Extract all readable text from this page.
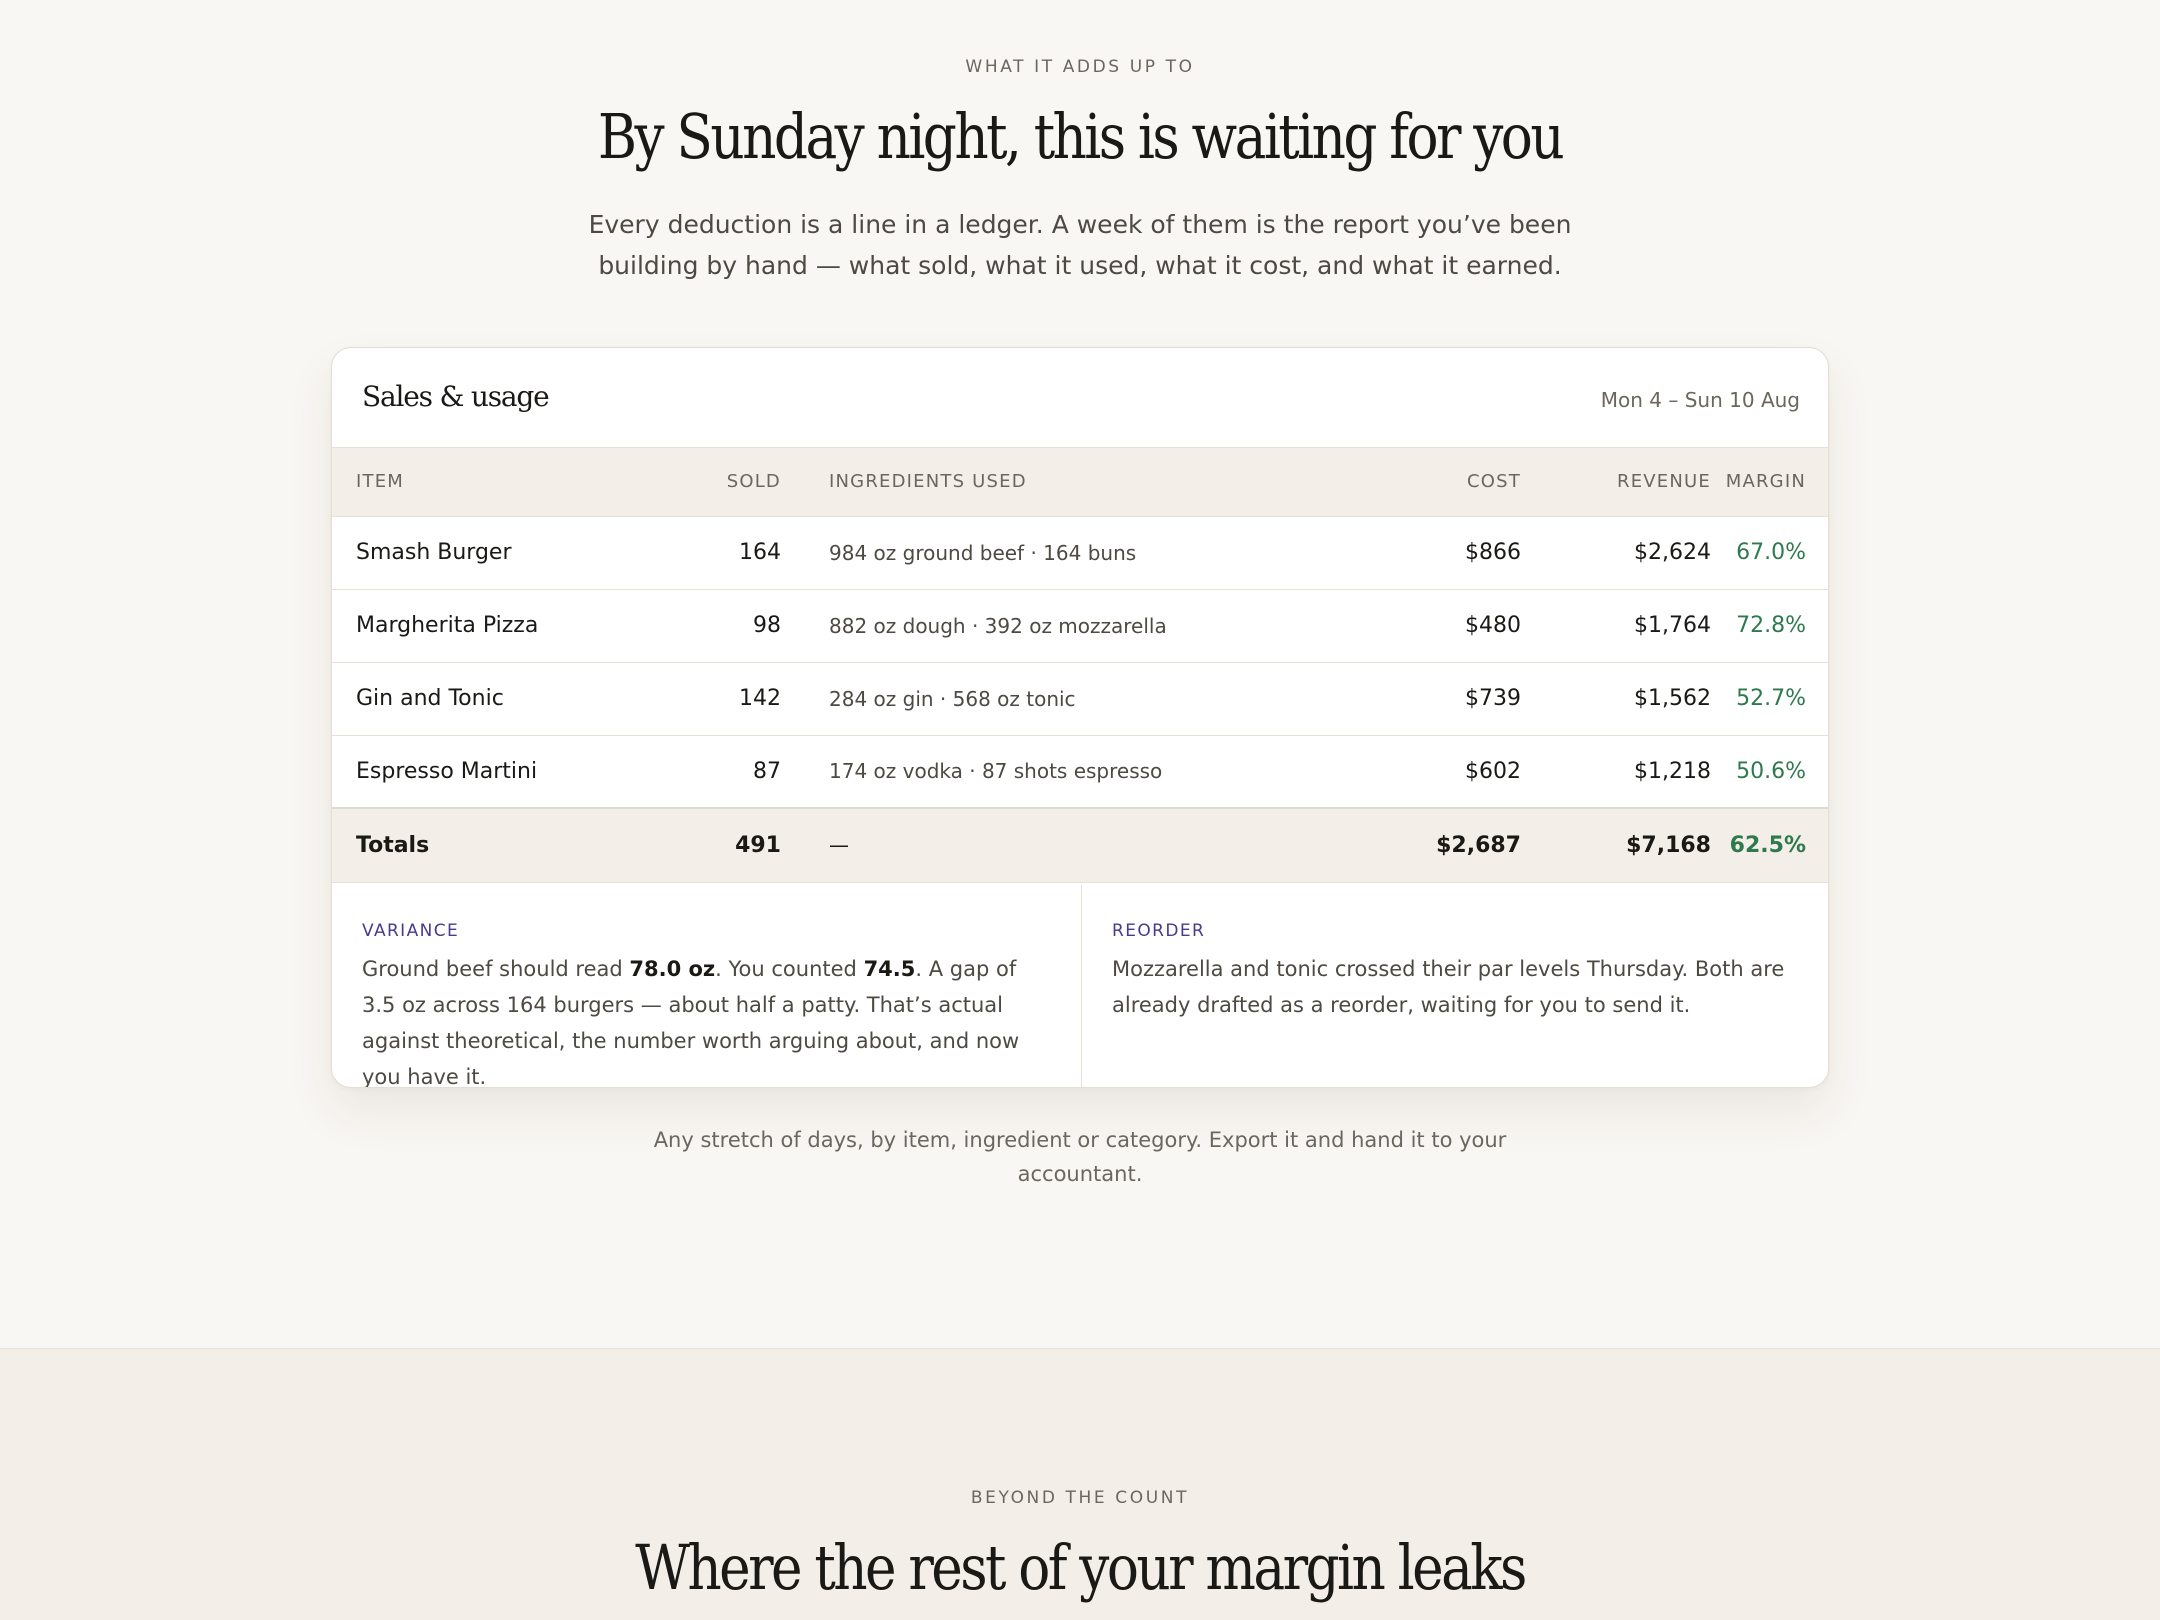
WHAT IT ADDS UP TO
By Sunday night, this is waiting for you
Every deduction is a line in a ledger. A week of them is the report you’ve been building by hand — what sold, what it used, what it cost, and what it earned.
Sales & usage	Mon 4 – Sun 10 Aug
ITEM	SOLD	INGREDIENTS USED	COST	REVENUE	MARGIN
Smash Burger	164	984 oz ground beef · 164 buns	$866	$2,624	67.0%
Margherita Pizza	98	882 oz dough · 392 oz mozzarella	$480	$1,764	72.8%
Gin and Tonic	142	284 oz gin · 568 oz tonic	$739	$1,562	52.7%
Espresso Martini	87	174 oz vodka · 87 shots espresso	$602	$1,218	50.6%
Totals	491	—	$2,687	$7,168	62.5%
VARIANCE
Ground beef should read 78.0 oz. You counted 74.5. A gap of 3.5 oz across 164 burgers — about half a patty. That’s actual against theoretical, the number worth arguing about, and now you have it.
REORDER
Mozzarella and tonic crossed their par levels Thursday. Both are already drafted as a reorder, waiting for you to send it.
Any stretch of days, by item, ingredient or category. Export it and hand it to your accountant.
BEYOND THE COUNT
Where the rest of your margin leaks
